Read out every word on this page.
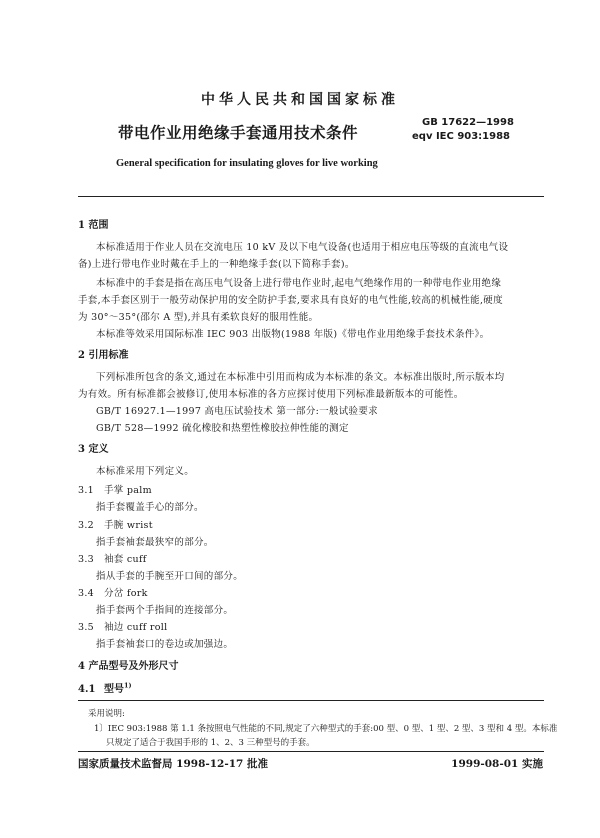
中华人民共和国国家标准
GB 17622—1998
eqv IEC 903:1988
带电作业用绝缘手套通用技术条件
General specification for insulating gloves for live working
1 范围
本标准适用于作业人员在交流电压 10 kV 及以下电气设备(也适用于相应电压等级的直流电气设
备)上进行带电作业时戴在手上的一种绝缘手套(以下简称手套)。
本标准中的手套是指在高压电气设备上进行带电作业时,起电气绝缘作用的一种带电作业用绝缘
手套,本手套区别于一般劳动保护用的安全防护手套,要求具有良好的电气性能,较高的机械性能,硬度
为 30°～35°(邵尔 A 型),并具有柔软良好的服用性能。
本标准等效采用国际标准 IEC 903 出版物(1988 年版)《带电作业用绝缘手套技术条件》。
2 引用标准
下列标准所包含的条文,通过在本标准中引用而构成为本标准的条文。本标准出版时,所示版本均
为有效。所有标准都会被修订,使用本标准的各方应探讨使用下列标准最新版本的可能性。
GB/T 16927.1—1997 高电压试验技术 第一部分:一般试验要求
GB/T 528—1992 硫化橡胶和热塑性橡胶拉伸性能的测定
3 定义
本标准采用下列定义。
3.1 手掌 palm
指手套覆盖手心的部分。
3.2 手腕 wrist
指手套袖套最狭窄的部分。
3.3 袖套 cuff
指从手套的手腕至开口间的部分。
3.4 分岔 fork
指手套两个手指间的连接部分。
3.5 袖边 cuff roll
指手套袖套口的卷边或加强边。
4 产品型号及外形尺寸
4.1 型号$^{1)}$
采用说明:
1〕IEC 903:1988 第 1.1 条按照电气性能的不同,规定了六种型式的手套:00 型、0 型、1 型、2 型、3 型和 4 型。本标准
只规定了适合于我国手形的 1、2、3 三种型号的手套。
国家质量技术监督局 1998-12-17 批准	1999-08-01 实施
